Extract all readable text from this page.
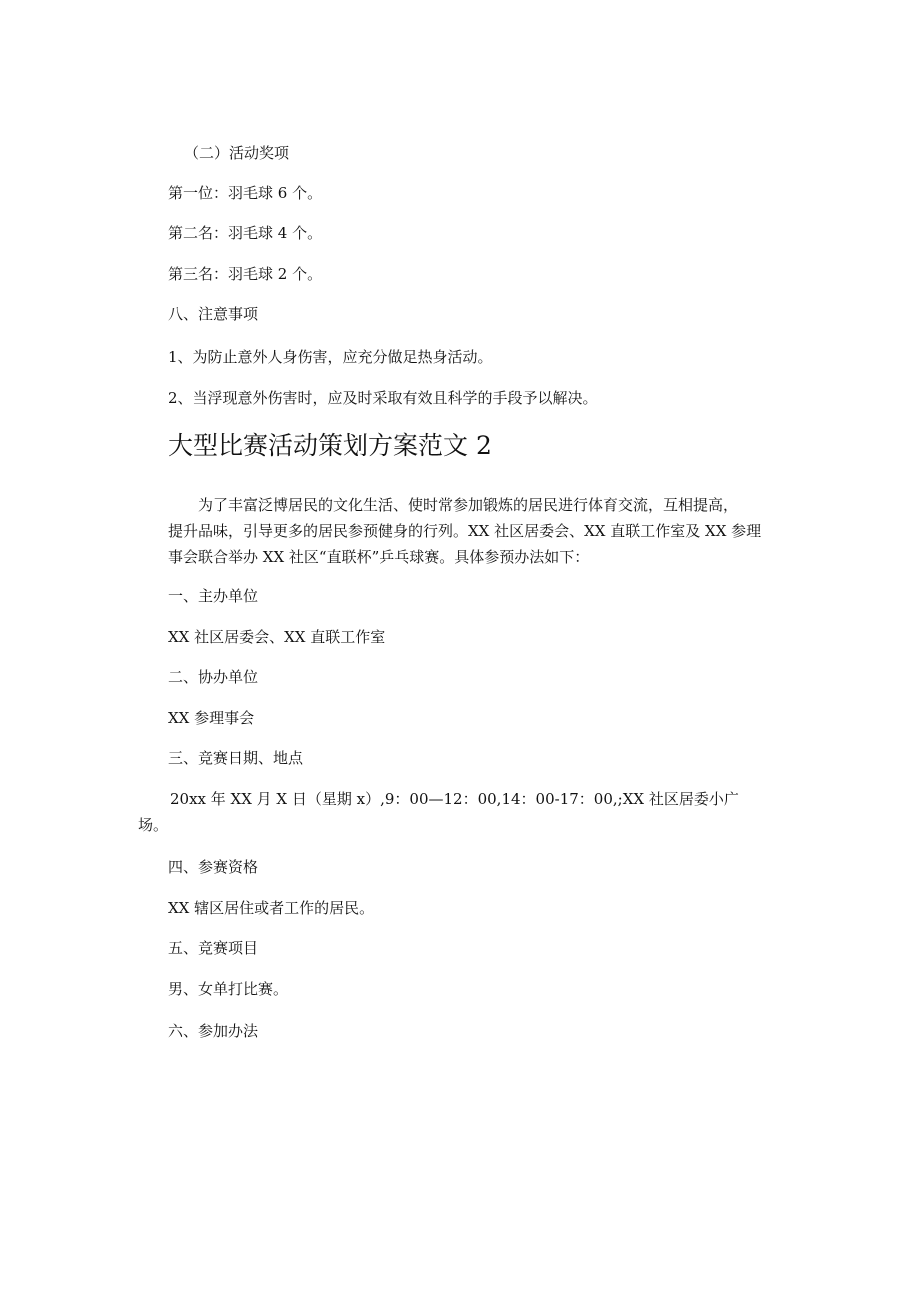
（二）活动奖项

第一位：羽毛球 6 个。

第二名：羽毛球 4 个。

第三名：羽毛球 2 个。

八、注意事项

1、为防止意外人身伤害，应充分做足热身活动。

2、当浮现意外伤害时，应及时采取有效且科学的手段予以解决。

大型比赛活动策划方案范文 2
为了丰富泛博居民的文化生活、使时常参加锻炼的居民进行体育交流，互相提高，
提升品味，引导更多的居民参预健身的行列。XX 社区居委会、XX 直联工作室及 XX 参理
事会联合举办 XX 社区“直联杯”乒乓球赛。具体参预办法如下：

一、主办单位

XX 社区居委会、XX 直联工作室

二、协办单位

XX 参理事会

三、竞赛日期、地点

20xx 年 XX 月 X 日（星期 x）,9：00—12：00,14：00-17：00,;XX 社区居委小广
场。

四、参赛资格

XX 辖区居住或者工作的居民。

五、竞赛项目

男、女单打比赛。

六、参加办法
